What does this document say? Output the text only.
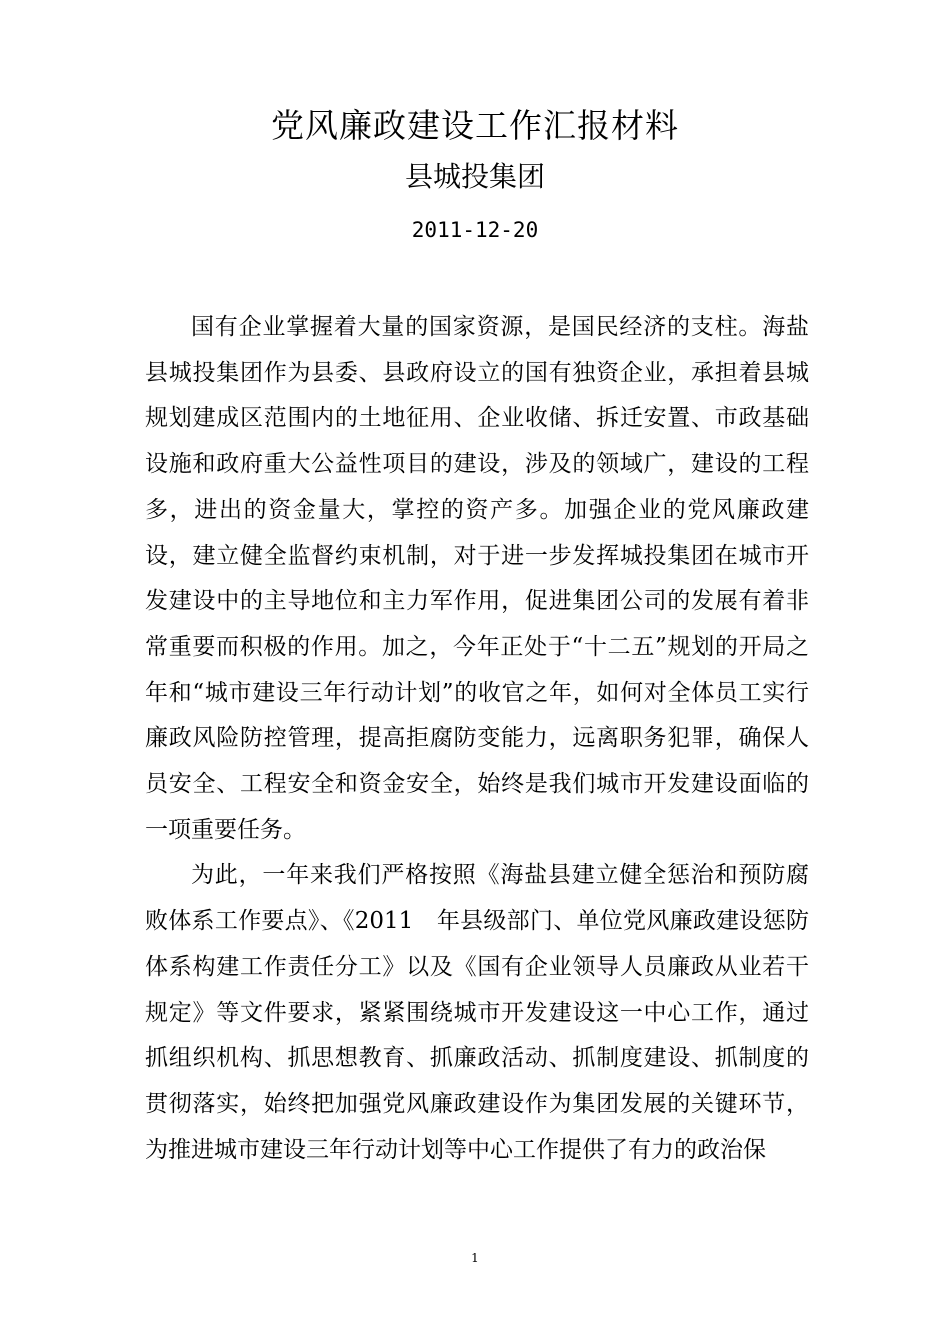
党风廉政建设工作汇报材料
县城投集团
2011-12-20

国有企业掌握着大量的国家资源，是国民经济的支柱。海盐县城投集团作为县委、县政府设立的国有独资企业，承担着县城规划建成区范围内的土地征用、企业收储、拆迁安置、市政基础设施和政府重大公益性项目的建设，涉及的领域广，建设的工程多，进出的资金量大，掌控的资产多。加强企业的党风廉政建设，建立健全监督约束机制，对于进一步发挥城投集团在城市开发建设中的主导地位和主力军作用，促进集团公司的发展有着非常重要而积极的作用。加之，今年正处于“十二五”规划的开局之年和“城市建设三年行动计划”的收官之年，如何对全体员工实行廉政风险防控管理，提高拒腐防变能力，远离职务犯罪，确保人员安全、工程安全和资金安全，始终是我们城市开发建设面临的一项重要任务。

为此，一年来我们严格按照《海盐县建立健全惩治和预防腐败体系工作要点》、《2011　年县级部门、单位党风廉政建设惩防体系构建工作责任分工》以及《国有企业领导人员廉政从业若干规定》等文件要求，紧紧围绕城市开发建设这一中心工作，通过抓组织机构、抓思想教育、抓廉政活动、抓制度建设、抓制度的贯彻落实，始终把加强党风廉政建设作为集团发展的关键环节，为推进城市建设三年行动计划等中心工作提供了有力的政治保

1
